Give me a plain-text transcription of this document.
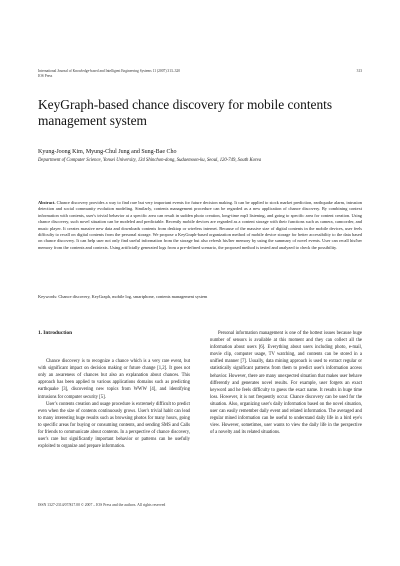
International Journal of Knowledge-based and Intelligent Engineering Systems 11 (2007) 313–320
IOS Press
313
KeyGraph-based chance discovery for mobile contents management system
Kyung-Joong Kim, Myung-Chul Jung and Sung-Bae Cho
Department of Computer Science, Yonsei University, 134 Shinchon-dong, Sudaemoon-ku, Seoul, 120-749, South Korea
Abstract. Chance discovery provides a way to find rare but very important events for future decision making. It can be applied to stock market prediction, earthquake alarm, intrusion detection and social community evolution modeling. Similarly, contents management procedure can be regarded as a new application of chance discovery. By combining context information with contents, user's trivial behavior at a specific area can result in sudden photo creation, long-time mp3 listening, and going to specific area for content creation. Using chance discovery, such novel situation can be modeled and predictable. Recently mobile devices are regarded as a content storage with their functions such as camera, camcorder, and music player. It creates massive new data and downloads contents from desktop or wireless internet. Because of the massive size of digital contents in the mobile devices, user feels difficulty to recall on digital contents from the personal storage. We propose a KeyGraph-based organization method of mobile device storage for better accessibility to the data based on chance discovery. It can help user not only find useful information from the storage but also refresh his/her memory by using the summary of novel events. User can recall his/her memory from the contents and contexts. Using artificially generated logs from a pre-defined scenario, the proposed method is tested and analyzed to check the possibility.
Keywords: Chance discovery, KeyGraph, mobile log, smartphone, contents management system
1. Introduction

Chance discovery is to recognize a chance which is a very rare event, but with significant impact on decision making or future change [1,2]. It goes not only an awareness of chances but also an explanation about chances. This approach has been applied to various applications domains such as predicting earthquake [3], discovering new topics from WWW [4], and identifying intrusions for computer security [5].

User's contents creation and usage procedure is extremely difficult to predict even when the size of contents continuously grows. User's trivial habit can lead to many interesting huge results such as browsing photos for many hours, going to specific areas for buying or consuming contents, and sending SMS and Calls for friends to communicate about contents. In a perspective of chance discovery, user's rare but significantly important behavior or patterns can be usefully exploited to organize and prepare information.

Personal information management is one of the hottest issues because huge number of sensors is available at this moment and they can collect all the information about users [6]. Everything about users including photo, e-mail, movie clip, computer usage, TV watching, and contents can be stored in a unified manner [7]. Usually, data mining approach is used to extract regular or statistically significant patterns from them to predict user's information access behavior. However, there are many unexpected situation that makes user behave differently and generates novel results. For example, user forgets an exact keyword and he feels difficulty to guess the exact name. It results in huge time loss. However, it is not frequently occur. Chance discovery can be used for the situation. Also, organizing user's daily information based on the novel situation, user can easily remember daily event and related information. The averaged and regular mined information can be useful to understand daily life in a bird eye's view. However, sometimes, user wants to view the daily life in the perspective of a novelty and its related situations.

ISSN 1327-2314/07/$17.00 © 2007 – IOS Press and the authors. All rights reserved
